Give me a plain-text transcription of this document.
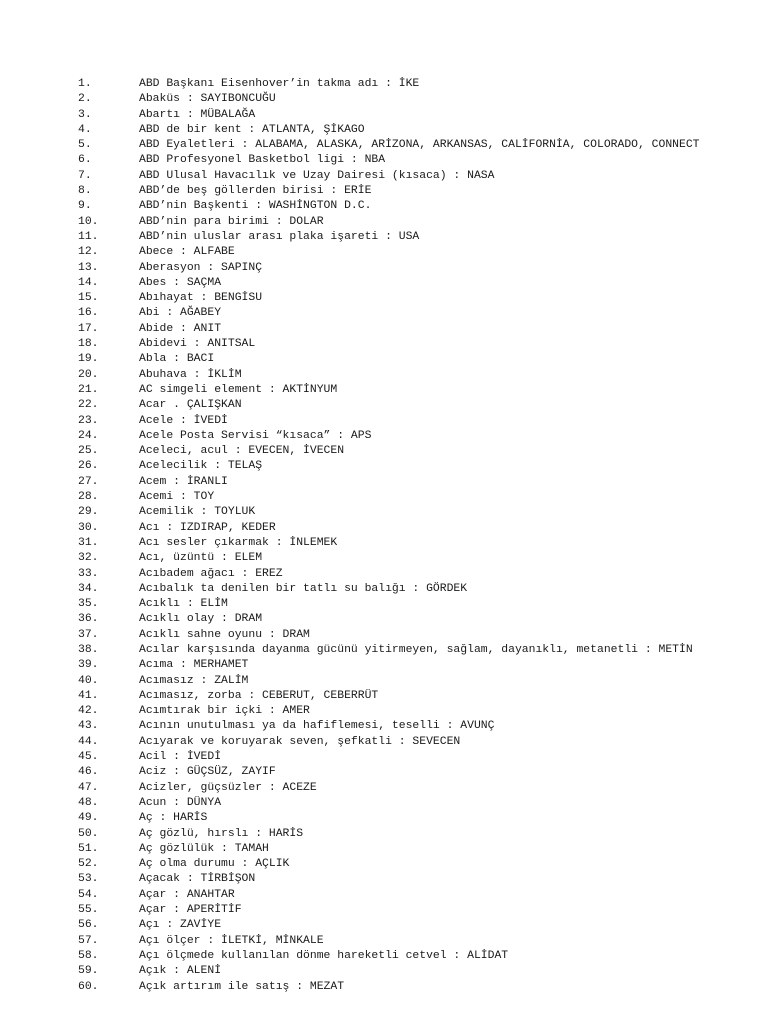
1.	ABD Başkanı Eisenhover’in takma adı : İKE
2.	Abaküs : SAYIBONCUĞU
3.	Abartı : MÜBALAĞA
4.	ABD de bir kent : ATLANTA, ŞİKAGO
5.	ABD Eyaletleri : ALABAMA, ALASKA, ARİZONA, ARKANSAS, CALİFORNİA, COLORADO, CONNECT
6.	ABD Profesyonel Basketbol ligi : NBA
7.	ABD Ulusal Havacılık ve Uzay Dairesi (kısaca) : NASA
8.	ABD’de beş göllerden birisi : ERİE
9.	ABD’nin Başkenti : WASHİNGTON D.C.
10.	ABD’nin para birimi : DOLAR
11.	ABD’nin uluslar arası plaka işareti : USA
12.	Abece : ALFABE
13.	Aberasyon : SAPINÇ
14.	Abes : SAÇMA
15.	Abıhayat : BENGİSU
16.	Abi : AĞABEY
17.	Abide : ANIT
18.	Abidevi : ANITSAL
19.	Abla : BACI
20.	Abuhava : İKLİM
21.	AC simgeli element : AKTİNYUM
22.	Acar . ÇALIŞKAN
23.	Acele : İVEDİ
24.	Acele Posta Servisi “kısaca” : APS
25.	Aceleci, acul : EVECEN, İVECEN
26.	Acelecilik : TELAŞ
27.	Acem : İRANLI
28.	Acemi : TOY
29.	Acemilik : TOYLUK
30.	Acı : IZDIRAP, KEDER
31.	Acı sesler çıkarmak : İNLEMEK
32.	Acı, üzüntü : ELEM
33.	Acıbadem ağacı : EREZ
34.	Acıbalık ta denilen bir tatlı su balığı : GÖRDEK
35.	Acıklı : ELİM
36.	Acıklı olay : DRAM
37.	Acıklı sahne oyunu : DRAM
38.	Acılar karşısında dayanma gücünü yitirmeyen, sağlam, dayanıklı, metanetli : METİN
39.	Acıma : MERHAMET
40.	Acımasız : ZALİM
41.	Acımasız, zorba : CEBERUT, CEBERRÜT
42.	Acımtırak bir içki : AMER
43.	Acının unutulması ya da hafiflemesi, teselli : AVUNÇ
44.	Acıyarak ve koruyarak seven, şefkatli : SEVECEN
45.	Acil : İVEDİ
46.	Aciz : GÜÇSÜZ, ZAYIF
47.	Acizler, güçsüzler : ACEZE
48.	Acun : DÜNYA
49.	Aç : HARİS
50.	Aç gözlü, hırslı : HARİS
51.	Aç gözlülük : TAMAH
52.	Aç olma durumu : AÇLIK
53.	Açacak : TİRBİŞON
54.	Açar : ANAHTAR
55.	Açar : APERİTİF
56.	Açı : ZAVİYE
57.	Açı ölçer : İLETKİ, MİNKALE
58.	Açı ölçmede kullanılan dönme hareketli cetvel : ALİDAT
59.	Açık : ALENİ
60.	Açık artırım ile satış : MEZAT
